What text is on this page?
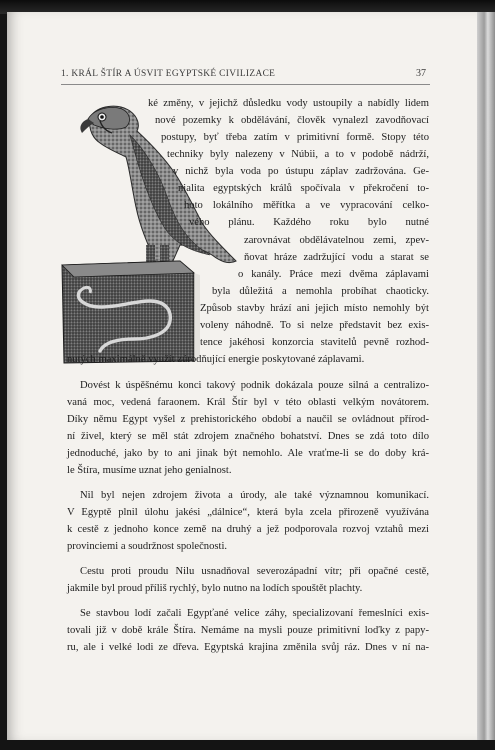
1. KRÁL ŠTÍR A ÚSVIT EGYPTSKÉ CIVILIZACE	37
ké změny, v jejichž důsledku vody ustoupily a nabídly lidem
nové pozemky k obdělávání, člověk vynalezl zavodňovací
postupy, byť třeba zatím v primitivní formě. Stopy této
techniky byly nalezeny v Núbii, a to v podobě nádrží,
v nichž byla voda po ústupu záplav zadržována. Ge-
nialita egyptských králů spočívala v překročení to-
hoto lokálního měřítka a ve vypracování celko-
vého plánu. Každého roku bylo nutné
zarovnávat obdělávatelnou zemi, zpev-
ňovat hráze zadržující vodu a starat se
o kanály. Práce mezi dvěma záplavami
byla důležitá a nemohla probíhat chaoticky.
Způsob stavby hrází ani jejich místo nemohly být
voleny náhodně. To si nelze představit bez exis-
tence jakéhosi konzorcia stavitelů pevně rozhod-
nutých maximálně využít zúrodňující energie poskytované záplavami.
Dovést k úspěšnému konci takový podnik dokázala pouze silná a centralizo-
vaná moc, vedená faraonem. Král Štír byl v této oblasti velkým novátorem.
Díky němu Egypt vyšel z prehistorického období a naučil se ovládnout přírod-
ní živel, který se měl stát zdrojem značného bohatství. Dnes se zdá toto dílo
jednoduché, jako by to ani jinak být nemohlo. Ale vraťme-li se do doby krá-
le Štíra, musíme uznat jeho genialnost.
Nil byl nejen zdrojem života a úrody, ale také významnou komunikací.
V Egyptě plnil úlohu jakési „dálnice“, která byla zcela přirozeně využívána
k cestě z jednoho konce země na druhý a jež podporovala rozvoj vztahů mezi
provinciemi a soudržnost společnosti.
Cestu proti proudu Nilu usnadňoval severozápadní vítr; při opačné cestě,
jakmile byl proud příliš rychlý, bylo nutno na lodích spouštět plachty.
Se stavbou lodí začali Egypťané velice záhy, specializovaní řemeslníci exis-
tovali již v době krále Štíra. Nemáme na mysli pouze primitivní loďky z papy-
ru, ale i velké lodi ze dřeva. Egyptská krajina změnila svůj ráz. Dnes v ní na-
